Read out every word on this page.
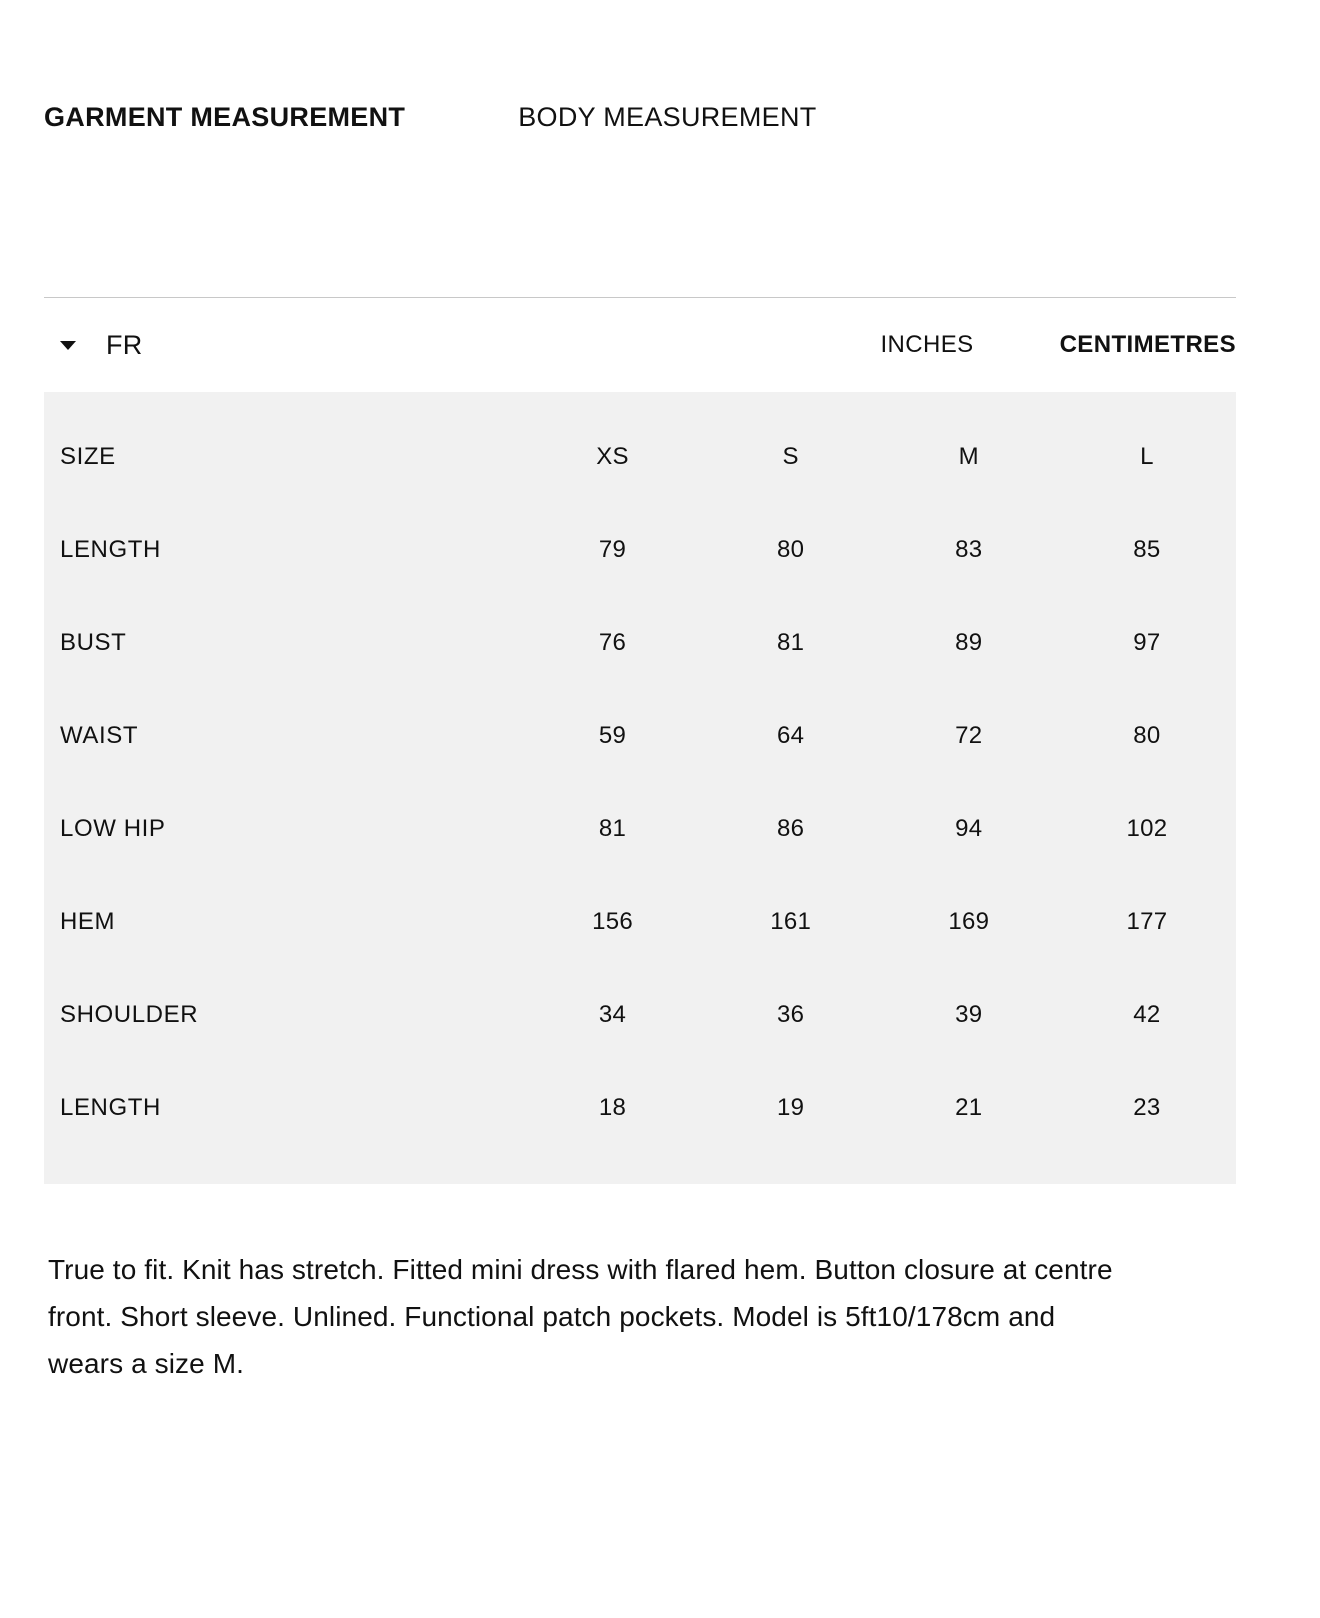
GARMENT MEASUREMENT	BODY MEASUREMENT
FR	INCHES	CENTIMETRES
SIZE	XS	S	M	L
LENGTH	79	80	83	85
BUST	76	81	89	97
WAIST	59	64	72	80
LOW HIP	81	86	94	102
HEM	156	161	169	177
SHOULDER	34	36	39	42
LENGTH	18	19	21	23

True to fit. Knit has stretch. Fitted mini dress with flared hem. Button closure at centre front. Short sleeve. Unlined. Functional patch pockets. Model is 5ft10/178cm and wears a size M.
